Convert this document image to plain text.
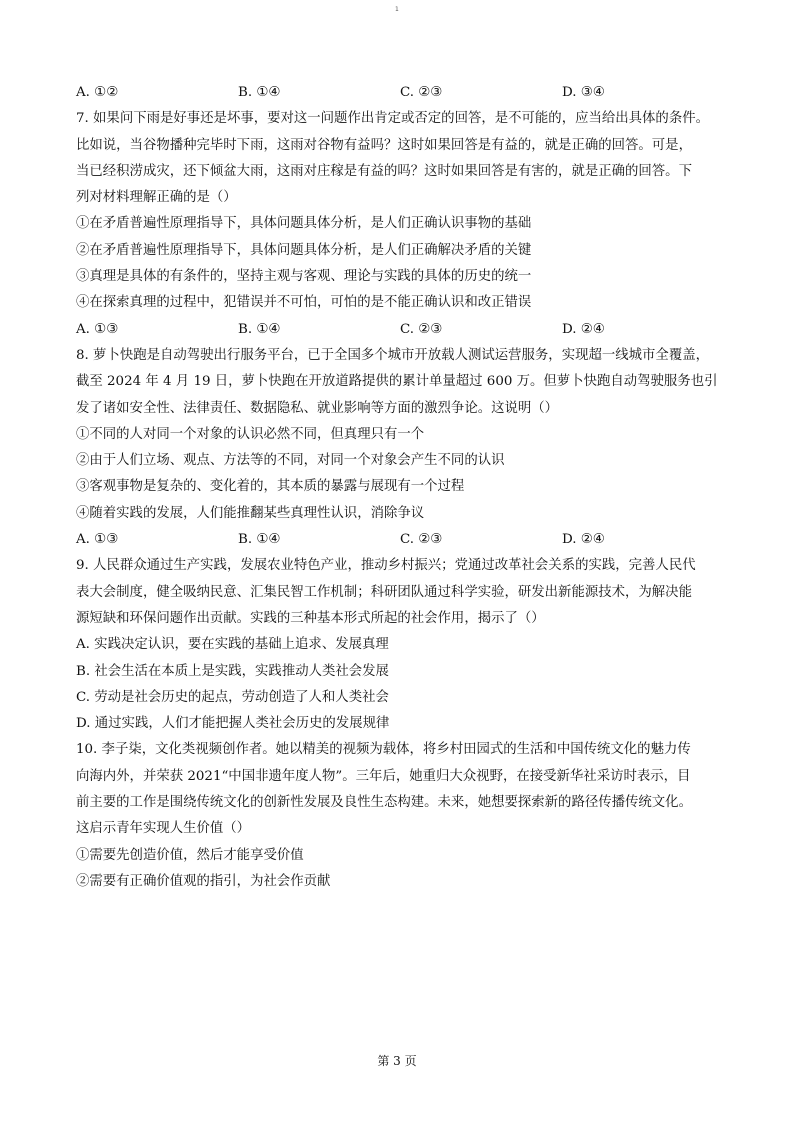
1
A. ①②	B. ①④	C. ②③	D. ③④
7. 如果问下雨是好事还是坏事，要对这一问题作出肯定或否定的回答，是不可能的，应当给出具体的条件。
比如说，当谷物播种完毕时下雨，这雨对谷物有益吗？这时如果回答是有益的，就是正确的回答。可是，
当已经积涝成灾，还下倾盆大雨，这雨对庄稼是有益的吗？这时如果回答是有害的，就是正确的回答。下
列对材料理解正确的是（）
①在矛盾普遍性原理指导下，具体问题具体分析，是人们正确认识事物的基础
②在矛盾普遍性原理指导下，具体问题具体分析，是人们正确解决矛盾的关键
③真理是具体的有条件的，坚持主观与客观、理论与实践的具体的历史的统一
④在探索真理的过程中，犯错误并不可怕，可怕的是不能正确认识和改正错误
A. ①③	B. ①④	C. ②③	D. ②④
8. 萝卜快跑是自动驾驶出行服务平台，已于全国多个城市开放载人测试运营服务，实现超一线城市全覆盖，
截至 2024 年 4 月 19 日，萝卜快跑在开放道路提供的累计单量超过 600 万。但萝卜快跑自动驾驶服务也引
发了诸如安全性、法律责任、数据隐私、就业影响等方面的激烈争论。这说明（）
①不同的人对同一个对象的认识必然不同，但真理只有一个
②由于人们立场、观点、方法等的不同，对同一个对象会产生不同的认识
③客观事物是复杂的、变化着的，其本质的暴露与展现有一个过程
④随着实践的发展，人们能推翻某些真理性认识，消除争议
A. ①③	B. ①④	C. ②③	D. ②④
9. 人民群众通过生产实践，发展农业特色产业，推动乡村振兴；党通过改革社会关系的实践，完善人民代
表大会制度，健全吸纳民意、汇集民智工作机制；科研团队通过科学实验，研发出新能源技术，为解决能
源短缺和环保问题作出贡献。实践的三种基本形式所起的社会作用，揭示了（）
A. 实践决定认识，要在实践的基础上追求、发展真理
B. 社会生活在本质上是实践，实践推动人类社会发展
C. 劳动是社会历史的起点，劳动创造了人和人类社会
D. 通过实践，人们才能把握人类社会历史的发展规律
10. 李子柒，文化类视频创作者。她以精美的视频为载体，将乡村田园式的生活和中国传统文化的魅力传
向海内外，并荣获 2021“中国非遗年度人物”。三年后，她重归大众视野，在接受新华社采访时表示，目
前主要的工作是围绕传统文化的创新性发展及良性生态构建。未来，她想要探索新的路径传播传统文化。
这启示青年实现人生价值（）
①需要先创造价值，然后才能享受价值
②需要有正确价值观的指引，为社会作贡献
第 3 页
